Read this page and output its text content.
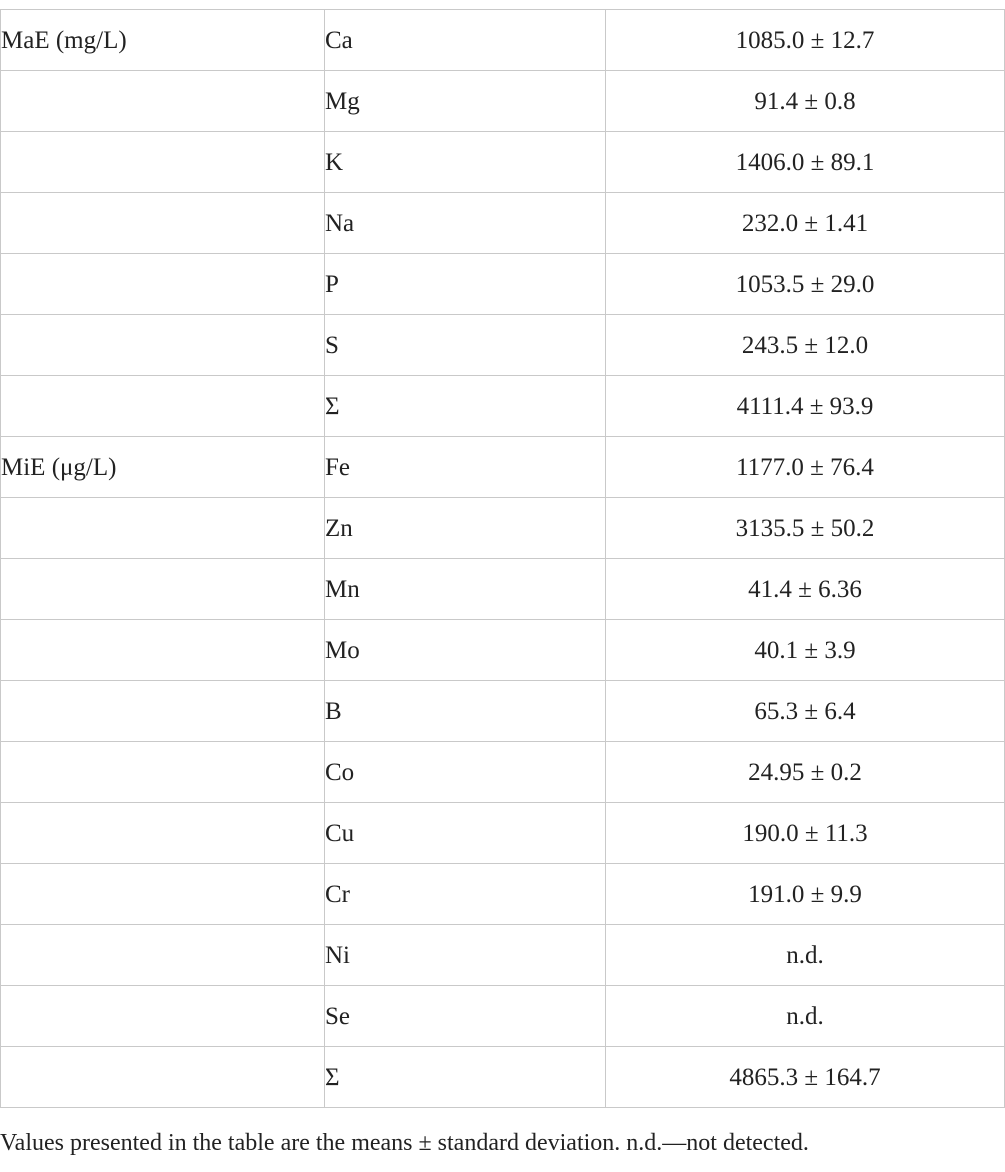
MaE (mg/L)	Ca	1085.0 ± 12.7
	Mg	91.4 ± 0.8
	K	1406.0 ± 89.1
	Na	232.0 ± 1.41
	P	1053.5 ± 29.0
	S	243.5 ± 12.0
	Σ	4111.4 ± 93.9
MiE (μg/L)	Fe	1177.0 ± 76.4
	Zn	3135.5 ± 50.2
	Mn	41.4 ± 6.36
	Mo	40.1 ± 3.9
	B	65.3 ± 6.4
	Co	24.95 ± 0.2
	Cu	190.0 ± 11.3
	Cr	191.0 ± 9.9
	Ni	n.d.
	Se	n.d.
	Σ	4865.3 ± 164.7
Values presented in the table are the means ± standard deviation. n.d.—not detected.
